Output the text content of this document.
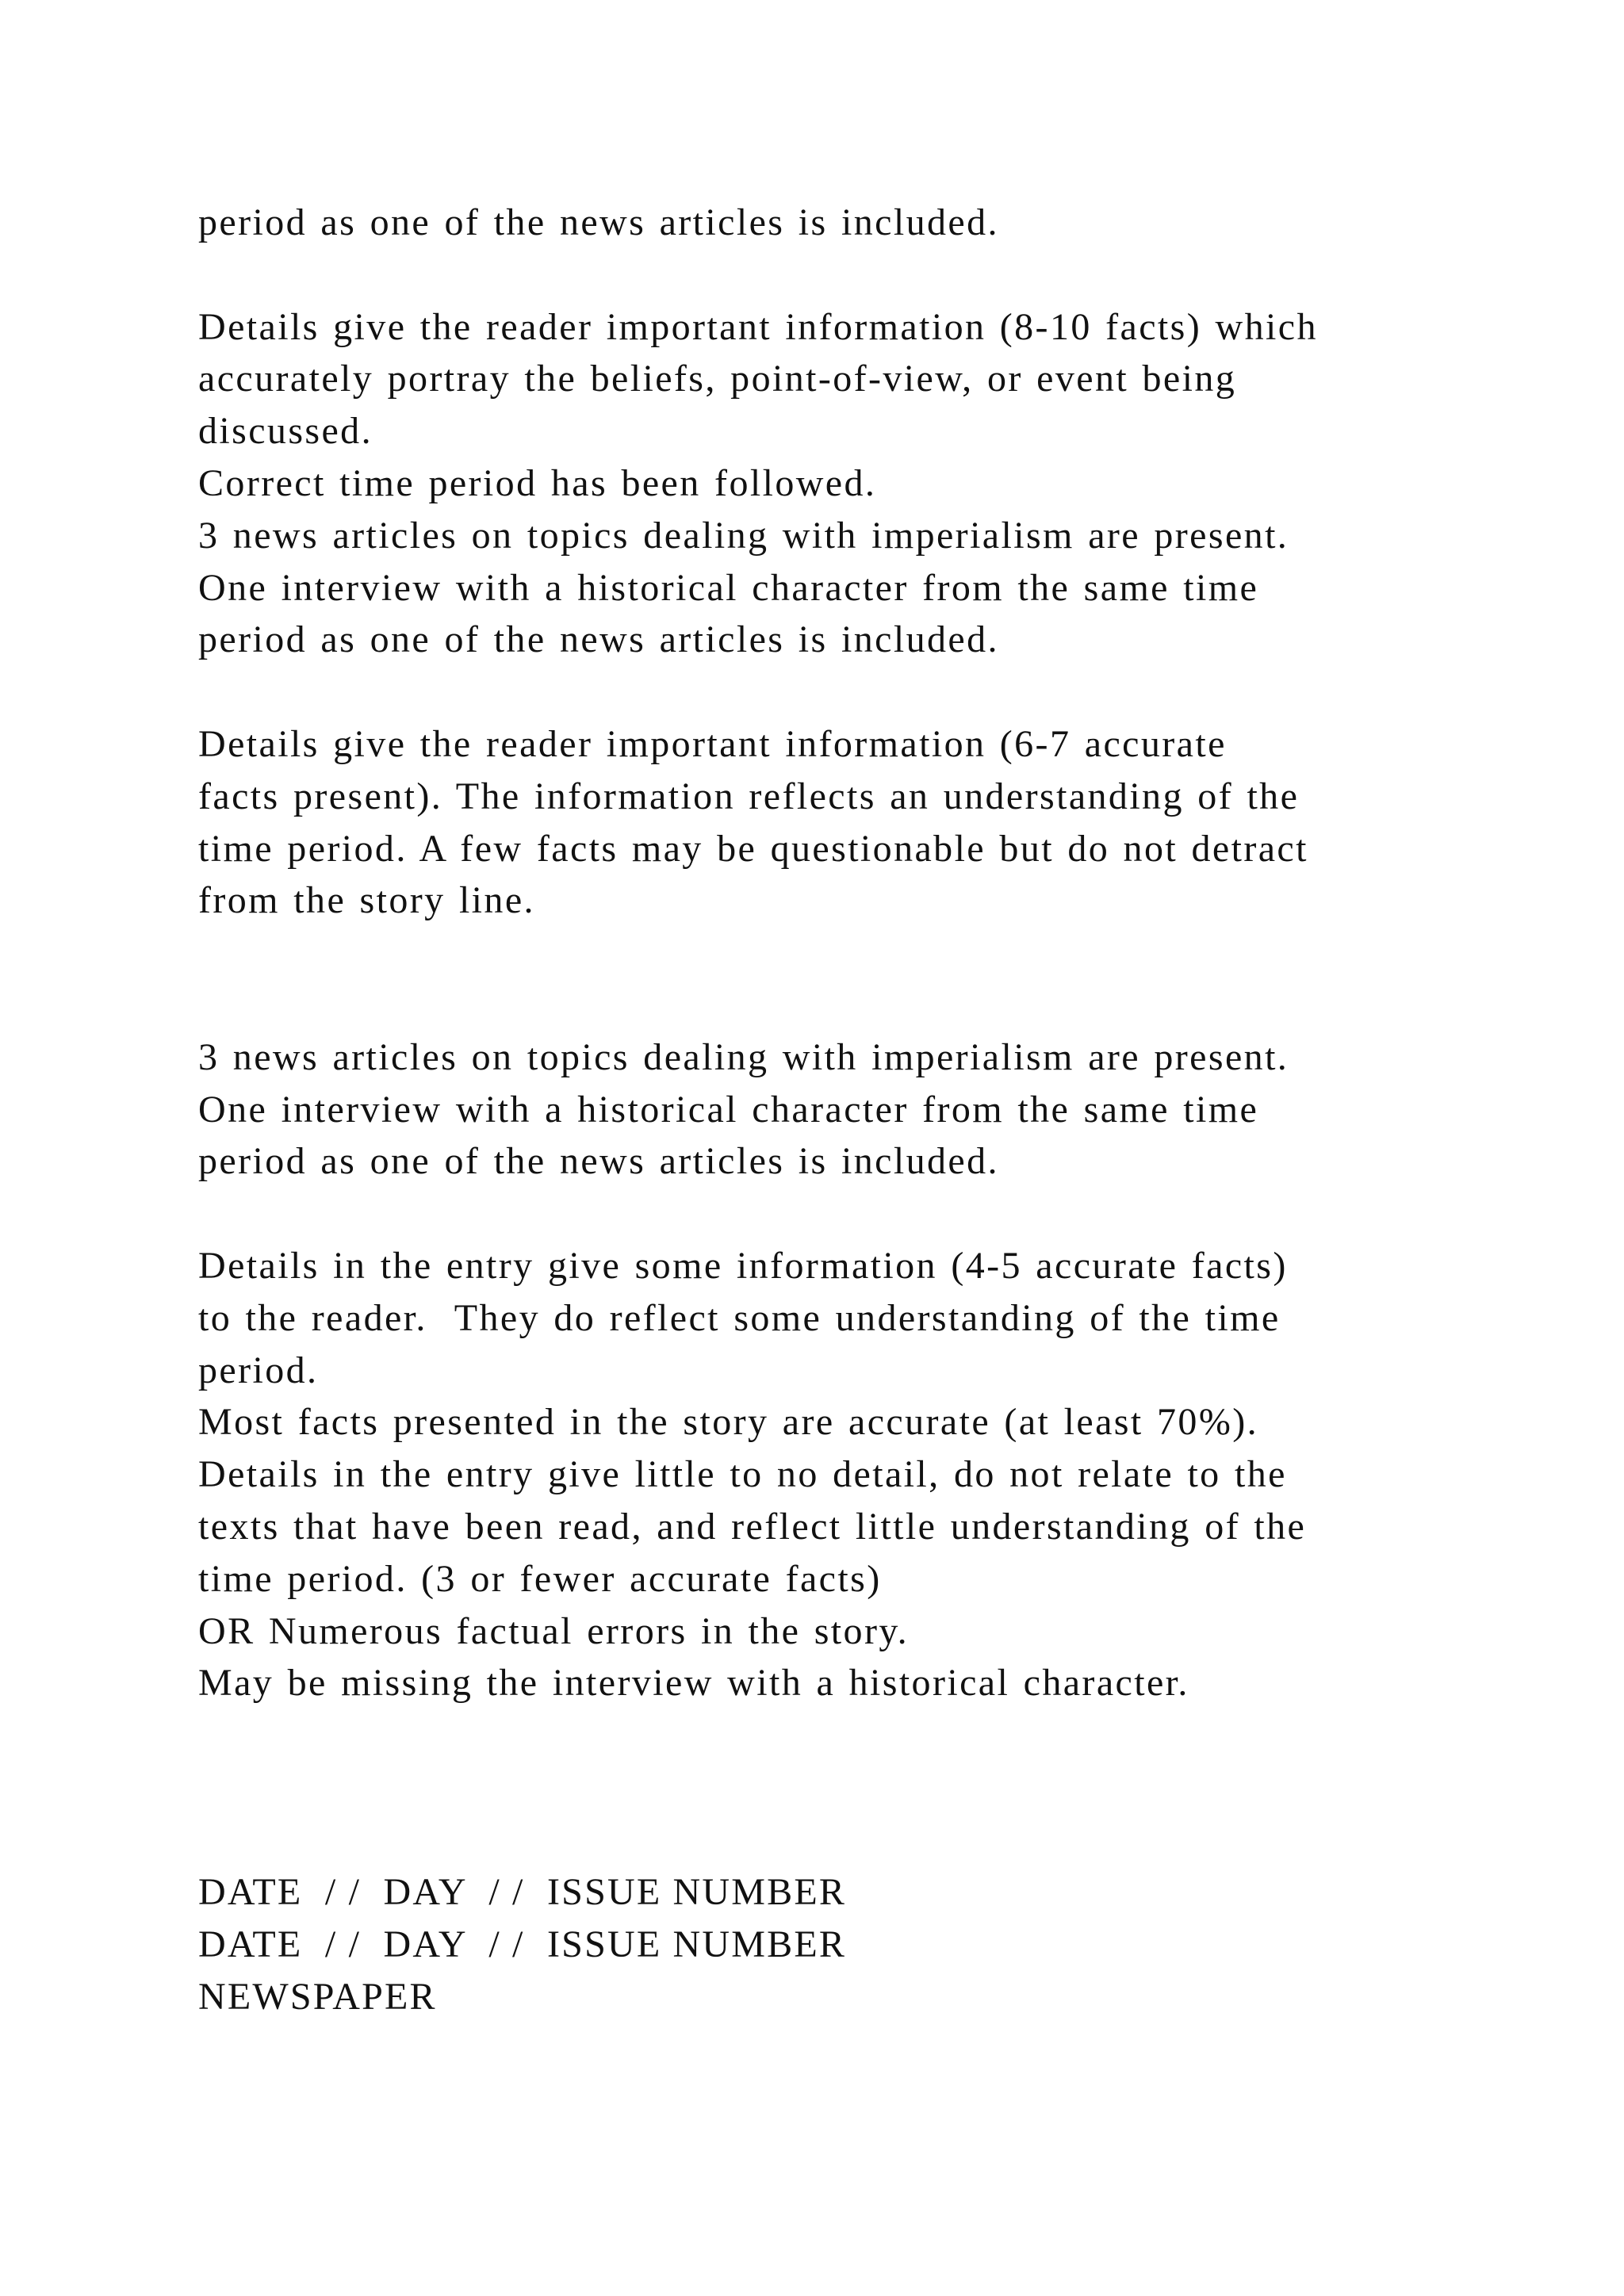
period as one of the news articles is included.
Details give the reader important information (8-10 facts) which
accurately portray the beliefs, point-of-view, or event being
discussed.
Correct time period has been followed.
3 news articles on topics dealing with imperialism are present.
One interview with a historical character from the same time
period as one of the news articles is included.
Details give the reader important information (6-7 accurate
facts present). The information reflects an understanding of the
time period. A few facts may be questionable but do not detract
from the story line.
3 news articles on topics dealing with imperialism are present.
One interview with a historical character from the same time
period as one of the news articles is included.
Details in the entry give some information (4-5 accurate facts)
to the reader.  They do reflect some understanding of the time
period.
Most facts presented in the story are accurate (at least 70%).
Details in the entry give little to no detail, do not relate to the
texts that have been read, and reflect little understanding of the
time period. (3 or fewer accurate facts)
OR Numerous factual errors in the story.
May be missing the interview with a historical character.
DATE  / /  DAY  / /  ISSUE NUMBER
DATE  / /  DAY  / /  ISSUE NUMBER
NEWSPAPER
